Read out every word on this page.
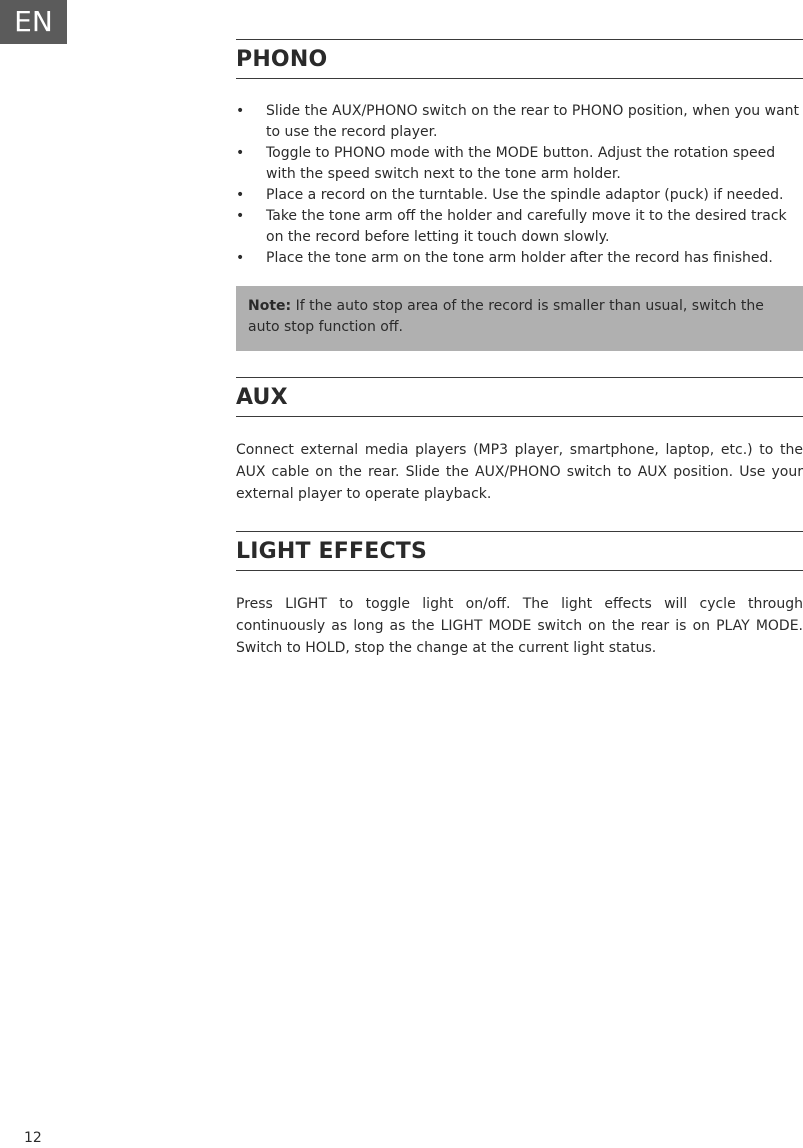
EN
PHONO
• Slide the AUX/PHONO switch on the rear to PHONO position, when you want to use the record player.
• Toggle to PHONO mode with the MODE button. Adjust the rotation speed with the speed switch next to the tone arm holder.
• Place a record on the turntable. Use the spindle adaptor (puck) if needed.
• Take the tone arm off the holder and carefully move it to the desired track on the record before letting it touch down slowly.
• Place the tone arm on the tone arm holder after the record has finished.
Note: If the auto stop area of the record is smaller than usual, switch the auto stop function off.
AUX

Connect external media players (MP3 player, smartphone, laptop, etc.) to the AUX cable on the rear. Slide the AUX/PHONO switch to AUX position. Use your external player to operate playback.

LIGHT EFFECTS

Press LIGHT to toggle light on/off. The light effects will cycle through continuously as long as the LIGHT MODE switch on the rear is on PLAY MODE. Switch to HOLD, stop the change at the current light status.

12
